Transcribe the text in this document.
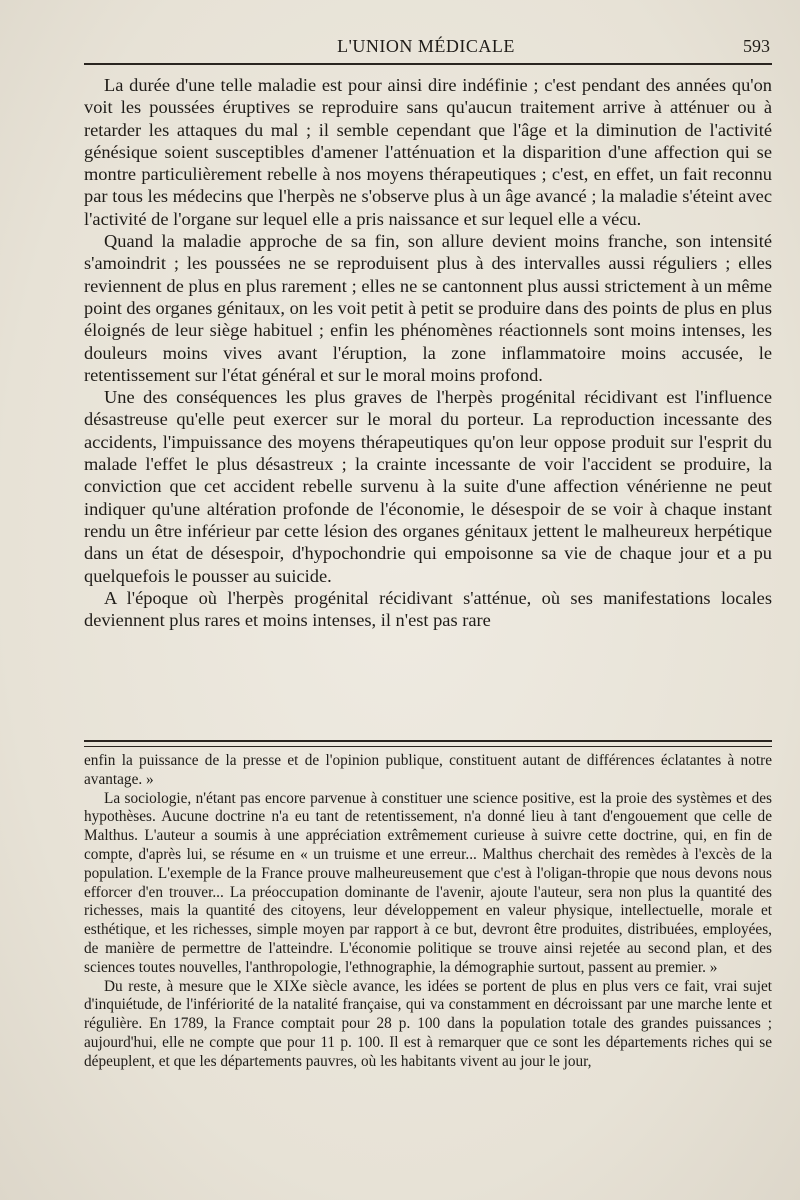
L'UNION MÉDICALE	593

La durée d'une telle maladie est pour ainsi dire indéfinie ; c'est pendant des années qu'on voit les poussées éruptives se reproduire sans qu'aucun traitement arrive à atténuer ou à retarder les attaques du mal ; il semble cependant que l'âge et la diminution de l'activité génésique soient susceptibles d'amener l'atténuation et la disparition d'une affection qui se montre particulièrement rebelle à nos moyens thérapeutiques ; c'est, en effet, un fait reconnu par tous les médecins que l'herpès ne s'observe plus à un âge avancé ; la maladie s'éteint avec l'activité de l'organe sur lequel elle a pris naissance et sur lequel elle a vécu.

Quand la maladie approche de sa fin, son allure devient moins franche, son intensité s'amoindrit ; les poussées ne se reproduisent plus à des intervalles aussi réguliers ; elles reviennent de plus en plus rarement ; elles ne se cantonnent plus aussi strictement à un même point des organes génitaux, on les voit petit à petit se produire dans des points de plus en plus éloignés de leur siège habituel ; enfin les phénomènes réactionnels sont moins intenses, les douleurs moins vives avant l'éruption, la zone inflammatoire moins accusée, le retentissement sur l'état général et sur le moral moins profond.

Une des conséquences les plus graves de l'herpès progénital récidivant est l'influence désastreuse qu'elle peut exercer sur le moral du porteur. La reproduction incessante des accidents, l'impuissance des moyens thérapeutiques qu'on leur oppose produit sur l'esprit du malade l'effet le plus désastreux ; la crainte incessante de voir l'accident se produire, la conviction que cet accident rebelle survenu à la suite d'une affection vénérienne ne peut indiquer qu'une altération profonde de l'économie, le désespoir de se voir à chaque instant rendu un être inférieur par cette lésion des organes génitaux jettent le malheureux herpétique dans un état de désespoir, d'hypochondrie qui empoisonne sa vie de chaque jour et a pu quelquefois le pousser au suicide.

A l'époque où l'herpès progénital récidivant s'atténue, où ses manifestations locales deviennent plus rares et moins intenses, il n'est pas rare

enfin la puissance de la presse et de l'opinion publique, constituent autant de différences éclatantes à notre avantage. »

La sociologie, n'étant pas encore parvenue à constituer une science positive, est la proie des systèmes et des hypothèses. Aucune doctrine n'a eu tant de retentissement, n'a donné lieu à tant d'engouement que celle de Malthus. L'auteur a soumis à une appréciation extrêmement curieuse à suivre cette doctrine, qui, en fin de compte, d'après lui, se résume en « un truisme et une erreur... Malthus cherchait des remèdes à l'excès de la population. L'exemple de la France prouve malheureusement que c'est à l'oligan-thropie que nous devons nous efforcer d'en trouver... La préoccupation dominante de l'avenir, ajoute l'auteur, sera non plus la quantité des richesses, mais la quantité des citoyens, leur développement en valeur physique, intellectuelle, morale et esthétique, et les richesses, simple moyen par rapport à ce but, devront être produites, distribuées, employées, de manière de permettre de l'atteindre. L'économie politique se trouve ainsi rejetée au second plan, et des sciences toutes nouvelles, l'anthropologie, l'ethnographie, la démographie surtout, passent au premier. »

Du reste, à mesure que le XIXe siècle avance, les idées se portent de plus en plus vers ce fait, vrai sujet d'inquiétude, de l'infériorité de la natalité française, qui va constamment en décroissant par une marche lente et régulière. En 1789, la France comptait pour 28 p. 100 dans la population totale des grandes puissances ; aujourd'hui, elle ne compte que pour 11 p. 100. Il est à remarquer que ce sont les départements riches qui se dépeuplent, et que les départements pauvres, où les habitants vivent au jour le jour,
